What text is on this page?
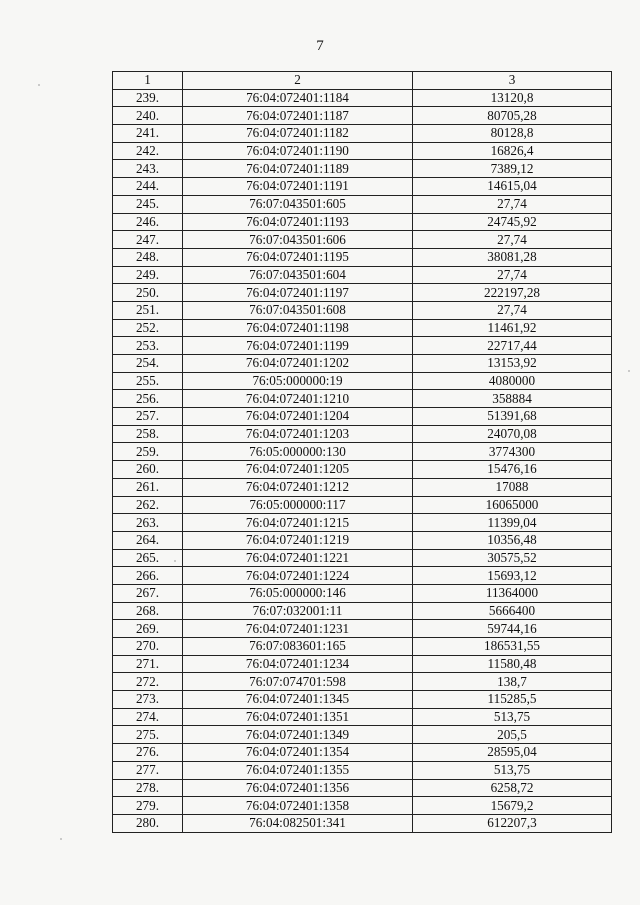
7
1	2	3
239.	76:04:072401:1184	13120,8
240.	76:04:072401:1187	80705,28
241.	76:04:072401:1182	80128,8
242.	76:04:072401:1190	16826,4
243.	76:04:072401:1189	7389,12
244.	76:04:072401:1191	14615,04
245.	76:07:043501:605	27,74
246.	76:04:072401:1193	24745,92
247.	76:07:043501:606	27,74
248.	76:04:072401:1195	38081,28
249.	76:07:043501:604	27,74
250.	76:04:072401:1197	222197,28
251.	76:07:043501:608	27,74
252.	76:04:072401:1198	11461,92
253.	76:04:072401:1199	22717,44
254.	76:04:072401:1202	13153,92
255.	76:05:000000:19	4080000
256.	76:04:072401:1210	358884
257.	76:04:072401:1204	51391,68
258.	76:04:072401:1203	24070,08
259.	76:05:000000:130	3774300
260.	76:04:072401:1205	15476,16
261.	76:04:072401:1212	17088
262.	76:05:000000:117	16065000
263.	76:04:072401:1215	11399,04
264.	76:04:072401:1219	10356,48
265.	76:04:072401:1221	30575,52
266.	76:04:072401:1224	15693,12
267.	76:05:000000:146	11364000
268.	76:07:032001:11	5666400
269.	76:04:072401:1231	59744,16
270.	76:07:083601:165	186531,55
271.	76:04:072401:1234	11580,48
272.	76:07:074701:598	138,7
273.	76:04:072401:1345	115285,5
274.	76:04:072401:1351	513,75
275.	76:04:072401:1349	205,5
276.	76:04:072401:1354	28595,04
277.	76:04:072401:1355	513,75
278.	76:04:072401:1356	6258,72
279.	76:04:072401:1358	15679,2
280.	76:04:082501:341	612207,3
